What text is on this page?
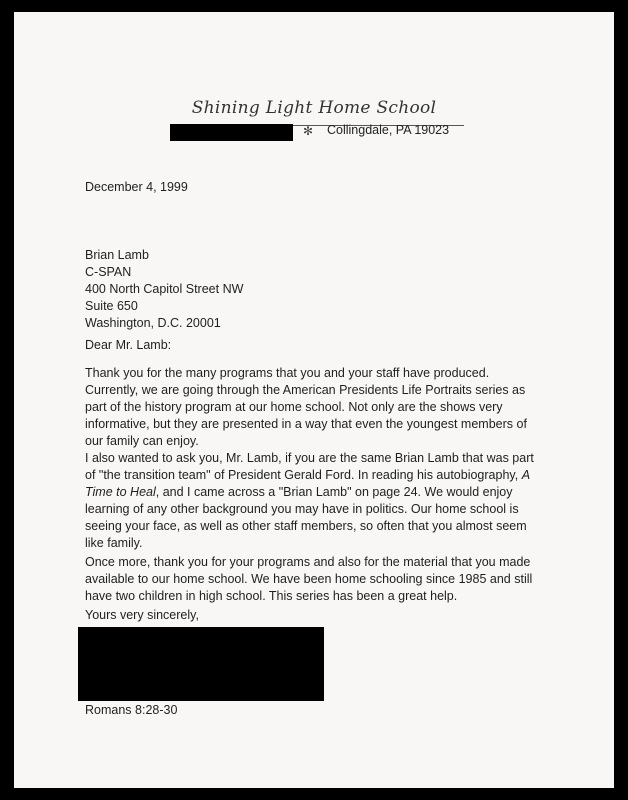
Shining Light Home School
✻ Collingdale, PA 19023
December 4, 1999
Brian Lamb
C-SPAN
400 North Capitol Street NW
Suite 650
Washington, D.C. 20001
Dear Mr. Lamb:
Thank you for the many programs that you and your staff have produced.
Currently, we are going through the American Presidents Life Portraits series as
part of the history program at our home school. Not only are the shows very
informative, but they are presented in a way that even the youngest members of
our family can enjoy.
I also wanted to ask you, Mr. Lamb, if you are the same Brian Lamb that was part
of "the transition team" of President Gerald Ford. In reading his autobiography, A
Time to Heal, and I came across a "Brian Lamb" on page 24. We would enjoy
learning of any other background you may have in politics. Our home school is
seeing your face, as well as other staff members, so often that you almost seem
like family.
Once more, thank you for your programs and also for the material that you made
available to our home school. We have been home schooling since 1985 and still
have two children in high school. This series has been a great help.
Yours very sincerely,
Romans 8:28-30
